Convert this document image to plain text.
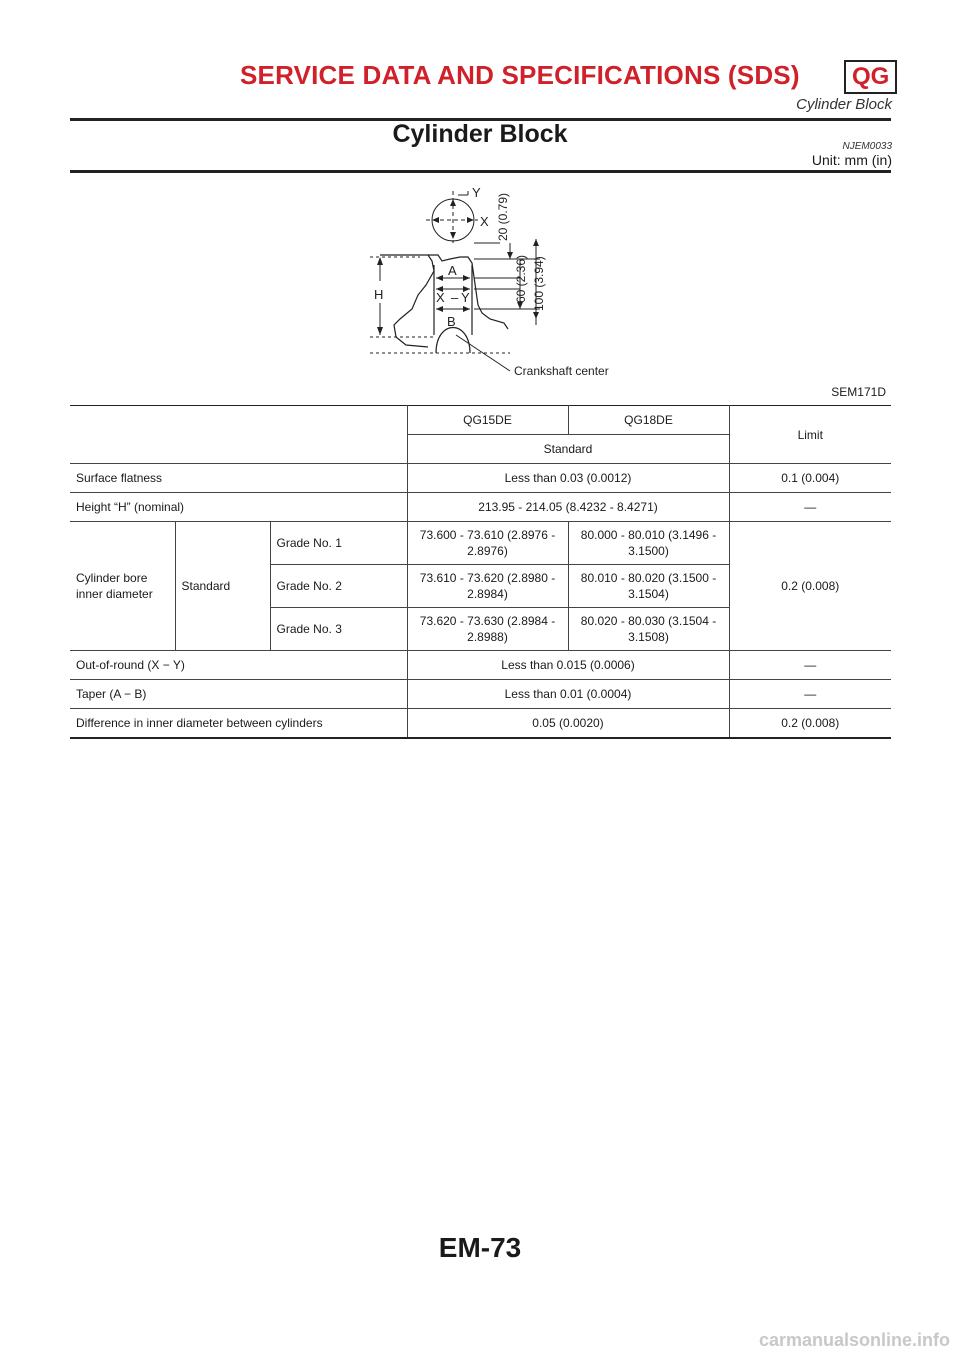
SERVICE DATA AND SPECIFICATIONS (SDS)	QG
Cylinder Block
Cylinder Block	NJEM0033
Unit: mm (in)
Y
X
H
A
X – Y
B
20 (0.79)
60 (2.36) 100 (3.94)
Crankshaft center
SEM171D
			QG15DE	QG18DE	Limit
			Standard		
Surface flatness			Less than 0.03 (0.0012)		0.1 (0.004)
Height “H” (nominal)			213.95 - 214.05 (8.4232 - 8.4271)		—
Cylinder bore inner diameter	Standard	Grade No. 1	73.600 - 73.610 (2.8976 - 2.8976)	80.000 - 80.010 (3.1496 - 3.1500)	0.2 (0.008)
		Grade No. 2	73.610 - 73.620 (2.8980 - 2.8984)	80.010 - 80.020 (3.1500 - 3.1504)	
		Grade No. 3	73.620 - 73.630 (2.8984 - 2.8988)	80.020 - 80.030 (3.1504 - 3.1508)	
Out-of-round (X − Y)			Less than 0.015 (0.0006)		—
Taper (A − B)			Less than 0.01 (0.0004)		—
Difference in inner diameter between cylinders			0.05 (0.0020)		0.2 (0.008)
EM-73
carmanualsonline.info
